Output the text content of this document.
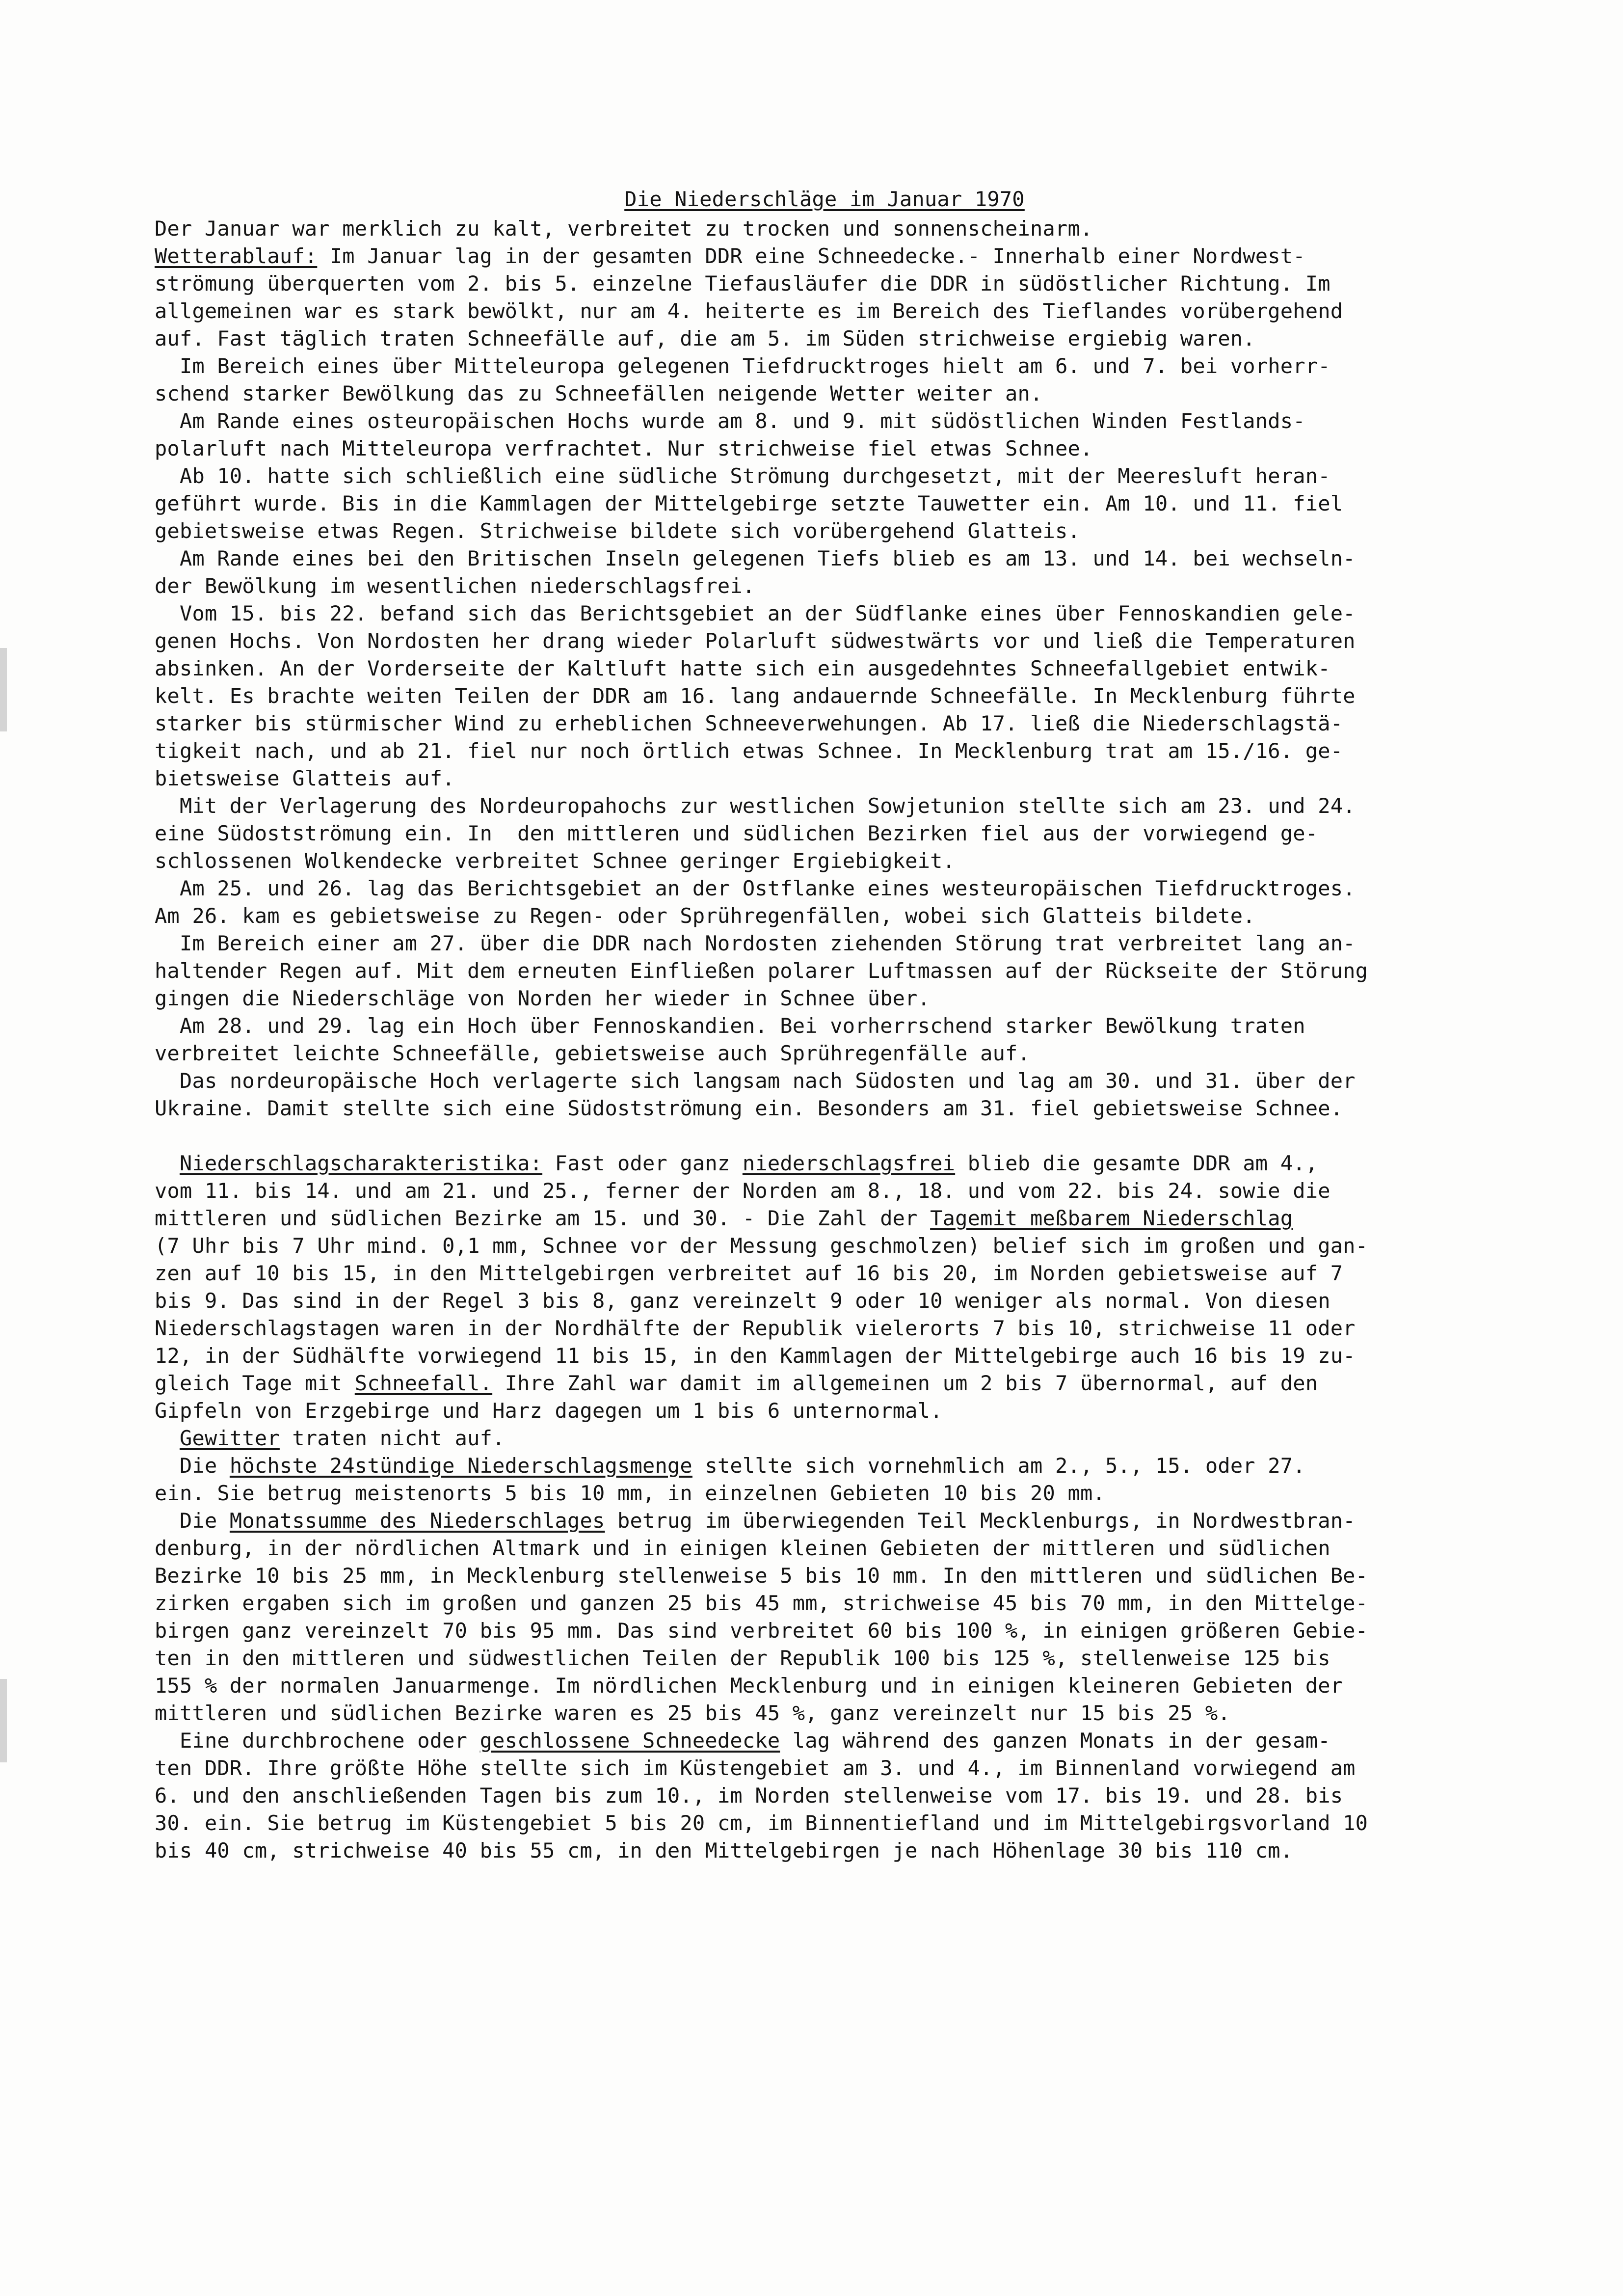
Die Niederschläge im Januar 1970
Der Januar war merklich zu kalt, verbreitet zu trocken und sonnenscheinarm.
Wetterablauf: Im Januar lag in der gesamten DDR eine Schneedecke.- Innerhalb einer Nordwest-
strömung überquerten vom 2. bis 5. einzelne Tiefausläufer die DDR in südöstlicher Richtung. Im
allgemeinen war es stark bewölkt, nur am 4. heiterte es im Bereich des Tieflandes vorübergehend
auf. Fast täglich traten Schneefälle auf, die am 5. im Süden strichweise ergiebig waren.
Im Bereich eines über Mitteleuropa gelegenen Tiefdrucktroges hielt am 6. und 7. bei vorherr-
schend starker Bewölkung das zu Schneefällen neigende Wetter weiter an.
Am Rande eines osteuropäischen Hochs wurde am 8. und 9. mit südöstlichen Winden Festlands-
polarluft nach Mitteleuropa verfrachtet. Nur strichweise fiel etwas Schnee.
Ab 10. hatte sich schließlich eine südliche Strömung durchgesetzt, mit der Meeresluft heran-
geführt wurde. Bis in die Kammlagen der Mittelgebirge setzte Tauwetter ein. Am 10. und 11. fiel
gebietsweise etwas Regen. Strichweise bildete sich vorübergehend Glatteis.
Am Rande eines bei den Britischen Inseln gelegenen Tiefs blieb es am 13. und 14. bei wechseln-
der Bewölkung im wesentlichen niederschlagsfrei.
Vom 15. bis 22. befand sich das Berichtsgebiet an der Südflanke eines über Fennoskandien gele-
genen Hochs. Von Nordosten her drang wieder Polarluft südwestwärts vor und ließ die Temperaturen
absinken. An der Vorderseite der Kaltluft hatte sich ein ausgedehntes Schneefallgebiet entwik-
kelt. Es brachte weiten Teilen der DDR am 16. lang andauernde Schneefälle. In Mecklenburg führte
starker bis stürmischer Wind zu erheblichen Schneeverwehungen. Ab 17. ließ die Niederschlagstä-
tigkeit nach, und ab 21. fiel nur noch örtlich etwas Schnee. In Mecklenburg trat am 15./16. ge-
bietsweise Glatteis auf.
Mit der Verlagerung des Nordeuropahochs zur westlichen Sowjetunion stellte sich am 23. und 24.
eine Südostströmung ein. In  den mittleren und südlichen Bezirken fiel aus der vorwiegend ge-
schlossenen Wolkendecke verbreitet Schnee geringer Ergiebigkeit.
Am 25. und 26. lag das Berichtsgebiet an der Ostflanke eines westeuropäischen Tiefdrucktroges.
Am 26. kam es gebietsweise zu Regen- oder Sprühregenfällen, wobei sich Glatteis bildete.
Im Bereich einer am 27. über die DDR nach Nordosten ziehenden Störung trat verbreitet lang an-
haltender Regen auf. Mit dem erneuten Einfließen polarer Luftmassen auf der Rückseite der Störung
gingen die Niederschläge von Norden her wieder in Schnee über.
Am 28. und 29. lag ein Hoch über Fennoskandien. Bei vorherrschend starker Bewölkung traten
verbreitet leichte Schneefälle, gebietsweise auch Sprühregenfälle auf.
Das nordeuropäische Hoch verlagerte sich langsam nach Südosten und lag am 30. und 31. über der
Ukraine. Damit stellte sich eine Südostströmung ein. Besonders am 31. fiel gebietsweise Schnee.
Niederschlagscharakteristika: Fast oder ganz niederschlagsfrei blieb die gesamte DDR am 4.,
vom 11. bis 14. und am 21. und 25., ferner der Norden am 8., 18. und vom 22. bis 24. sowie die
mittleren und südlichen Bezirke am 15. und 30. - Die Zahl der Tagemit meßbarem Niederschlag
(7 Uhr bis 7 Uhr mind. 0,1 mm, Schnee vor der Messung geschmolzen) belief sich im großen und gan-
zen auf 10 bis 15, in den Mittelgebirgen verbreitet auf 16 bis 20, im Norden gebietsweise auf 7
bis 9. Das sind in der Regel 3 bis 8, ganz vereinzelt 9 oder 10 weniger als normal. Von diesen
Niederschlagstagen waren in der Nordhälfte der Republik vielerorts 7 bis 10, strichweise 11 oder
12, in der Südhälfte vorwiegend 11 bis 15, in den Kammlagen der Mittelgebirge auch 16 bis 19 zu-
gleich Tage mit Schneefall. Ihre Zahl war damit im allgemeinen um 2 bis 7 übernormal, auf den
Gipfeln von Erzgebirge und Harz dagegen um 1 bis 6 unternormal.
Gewitter traten nicht auf.
Die höchste 24stündige Niederschlagsmenge stellte sich vornehmlich am 2., 5., 15. oder 27.
ein. Sie betrug meistenorts 5 bis 10 mm, in einzelnen Gebieten 10 bis 20 mm.
Die Monatssumme des Niederschlages betrug im überwiegenden Teil Mecklenburgs, in Nordwestbran-
denburg, in der nördlichen Altmark und in einigen kleinen Gebieten der mittleren und südlichen
Bezirke 10 bis 25 mm, in Mecklenburg stellenweise 5 bis 10 mm. In den mittleren und südlichen Be-
zirken ergaben sich im großen und ganzen 25 bis 45 mm, strichweise 45 bis 70 mm, in den Mittelge-
birgen ganz vereinzelt 70 bis 95 mm. Das sind verbreitet 60 bis 100 %, in einigen größeren Gebie-
ten in den mittleren und südwestlichen Teilen der Republik 100 bis 125 %, stellenweise 125 bis
155 % der normalen Januarmenge. Im nördlichen Mecklenburg und in einigen kleineren Gebieten der
mittleren und südlichen Bezirke waren es 25 bis 45 %, ganz vereinzelt nur 15 bis 25 %.
Eine durchbrochene oder geschlossene Schneedecke lag während des ganzen Monats in der gesam-
ten DDR. Ihre größte Höhe stellte sich im Küstengebiet am 3. und 4., im Binnenland vorwiegend am
6. und den anschließenden Tagen bis zum 10., im Norden stellenweise vom 17. bis 19. und 28. bis
30. ein. Sie betrug im Küstengebiet 5 bis 20 cm, im Binnentiefland und im Mittelgebirgsvorland 10
bis 40 cm, strichweise 40 bis 55 cm, in den Mittelgebirgen je nach Höhenlage 30 bis 110 cm.
